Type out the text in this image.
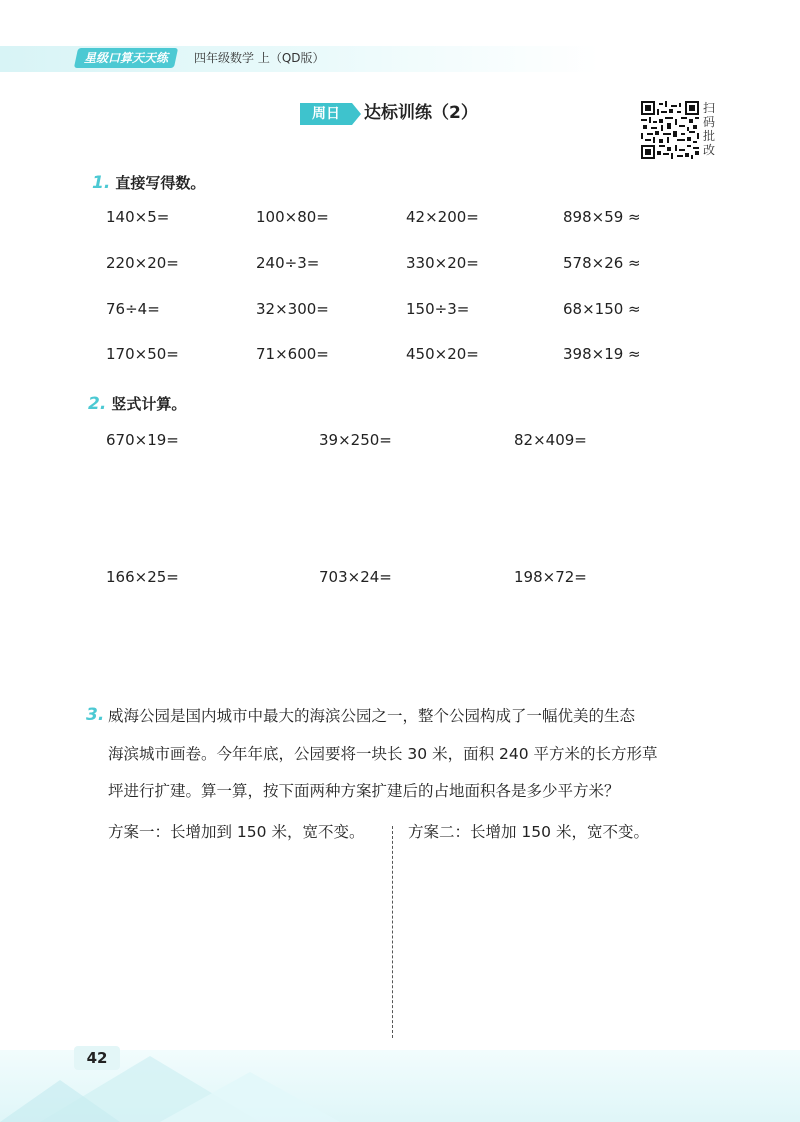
星级口算天天练	四年级数学 上（QD版）
周日	达标训练（2）	扫码批改
1. 直接写得数。
140×5=	100×80=	42×200=	898×59 ≈
220×20=	240÷3=	330×20=	578×26 ≈
76÷4=	32×300=	150÷3=	68×150 ≈
170×50=	71×600=	450×20=	398×19 ≈
2. 竖式计算。
670×19=	39×250=	82×409=
166×25=	703×24=	198×72=
3. 威海公园是国内城市中最大的海滨公园之一，整个公园构成了一幅优美的生态
海滨城市画卷。今年年底，公园要将一块长 30 米，面积 240 平方米的长方形草
坪进行扩建。算一算，按下面两种方案扩建后的占地面积各是多少平方米？
方案一：长增加到 150 米，宽不变。	方案二：长增加 150 米，宽不变。
42
